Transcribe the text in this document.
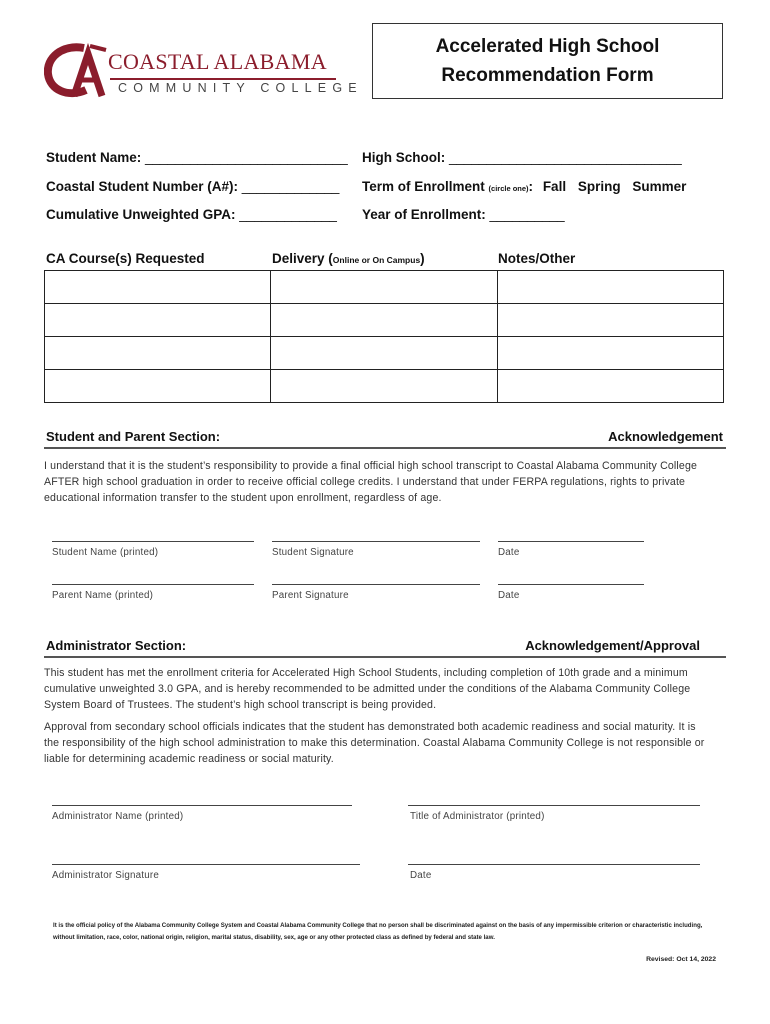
COASTAL ALABAMA
COMMUNITY COLLEGE
Accelerated High School
Recommendation Form
Student Name: ___________________________
Coastal Student Number (A#): _____________
Cumulative Unweighted GPA: _____________
High School: _______________________________
Term of Enrollment (circle one): Fall Spring Summer
Year of Enrollment: __________
CA Course(s) Requested	Delivery (Online or On Campus)	Notes/Other

Student and Parent Section:	Acknowledgement
I understand that it is the student’s responsibility to provide a final official high school transcript to Coastal Alabama Community College AFTER high school graduation in order to receive official college credits. I understand that under FERPA regulations, rights to private educational information transfer to the student upon enrollment, regardless of age.
Student Name (printed)	Student Signature	Date
Parent Name (printed)	Parent Signature	Date
Administrator Section:	Acknowledgement/Approval
This student has met the enrollment criteria for Accelerated High School Students, including completion of 10th grade and a minimum cumulative unweighted 3.0 GPA, and is hereby recommended to be admitted under the conditions of the Alabama Community College System Board of Trustees. The student’s high school transcript is being provided.
Approval from secondary school officials indicates that the student has demonstrated both academic readiness and social maturity. It is the responsibility of the high school administration to make this determination. Coastal Alabama Community College is not responsible or liable for determining academic readiness or social maturity.
Administrator Name (printed)	Title of Administrator (printed)
Administrator Signature	Date
It is the official policy of the Alabama Community College System and Coastal Alabama Community College that no person shall be discriminated against on the basis of any impermissible criterion or characteristic including, without limitation, race, color, national origin, religion, marital status, disability, sex, age or any other protected class as defined by federal and state law.
Revised: Oct 14, 2022
